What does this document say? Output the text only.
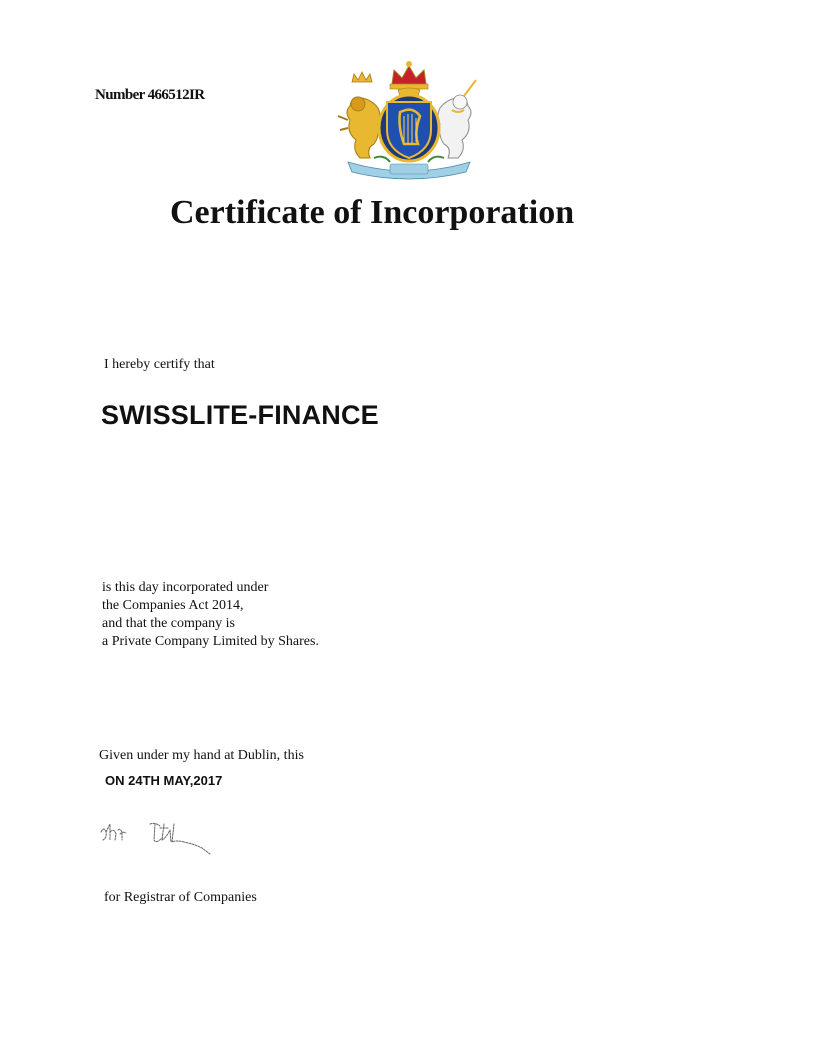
Number 466512IR
Certificate of Incorporation
I hereby certify that
SWISSLITE-FINANCE
is this day incorporated under
the Companies Act 2014,
and that the company is
a Private Company Limited by Shares.
Given under my hand at Dublin, this
ON 24TH MAY,2017
for Registrar of Companies
